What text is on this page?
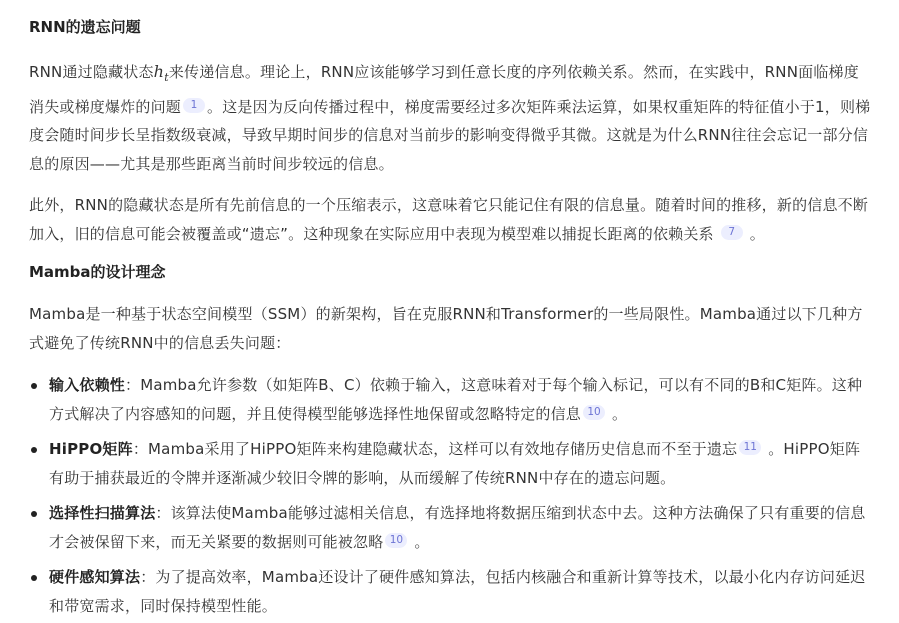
RNN的遗忘问题

RNN通过隐藏状态$h_t$来传递信息。理论上，RNN应该能够学习到任意长度的序列依赖关系。然而，在实践中，RNN面临梯度消失或梯度爆炸的问题 1 。这是因为反向传播过程中，梯度需要经过多次矩阵乘法运算，如果权重矩阵的特征值小于1，则梯度会随时间步长呈指数级衰减，导致早期时间步的信息对当前步的影响变得微乎其微。这就是为什么RNN往往会忘记一部分信息的原因——尤其是那些距离当前时间步较远的信息。

此外，RNN的隐藏状态是所有先前信息的一个压缩表示，这意味着它只能记住有限的信息量。随着时间的推移，新的信息不断加入，旧的信息可能会被覆盖或“遗忘”。这种现象在实际应用中表现为模型难以捕捉长距离的依赖关系 7 。

Mamba的设计理念

Mamba是一种基于状态空间模型（SSM）的新架构，旨在克服RNN和Transformer的一些局限性。Mamba通过以下几种方式避免了传统RNN中的信息丢失问题：

输入依赖性：Mamba允许参数（如矩阵B、C）依赖于输入，这意味着对于每个输入标记，可以有不同的B和C矩阵。这种方式解决了内容感知的问题，并且使得模型能够选择性地保留或忽略特定的信息 10 。
HiPPO矩阵：Mamba采用了HiPPO矩阵来构建隐藏状态，这样可以有效地存储历史信息而不至于遗忘 11 。HiPPO矩阵有助于捕获最近的令牌并逐渐减少较旧令牌的影响，从而缓解了传统RNN中存在的遗忘问题。
选择性扫描算法：该算法使Mamba能够过滤相关信息，有选择地将数据压缩到状态中去。这种方法确保了只有重要的信息才会被保留下来，而无关紧要的数据则可能被忽略 10 。
硬件感知算法：为了提高效率，Mamba还设计了硬件感知算法，包括内核融合和重新计算等技术，以最小化内存访问延迟和带宽需求，同时保持模型性能。
